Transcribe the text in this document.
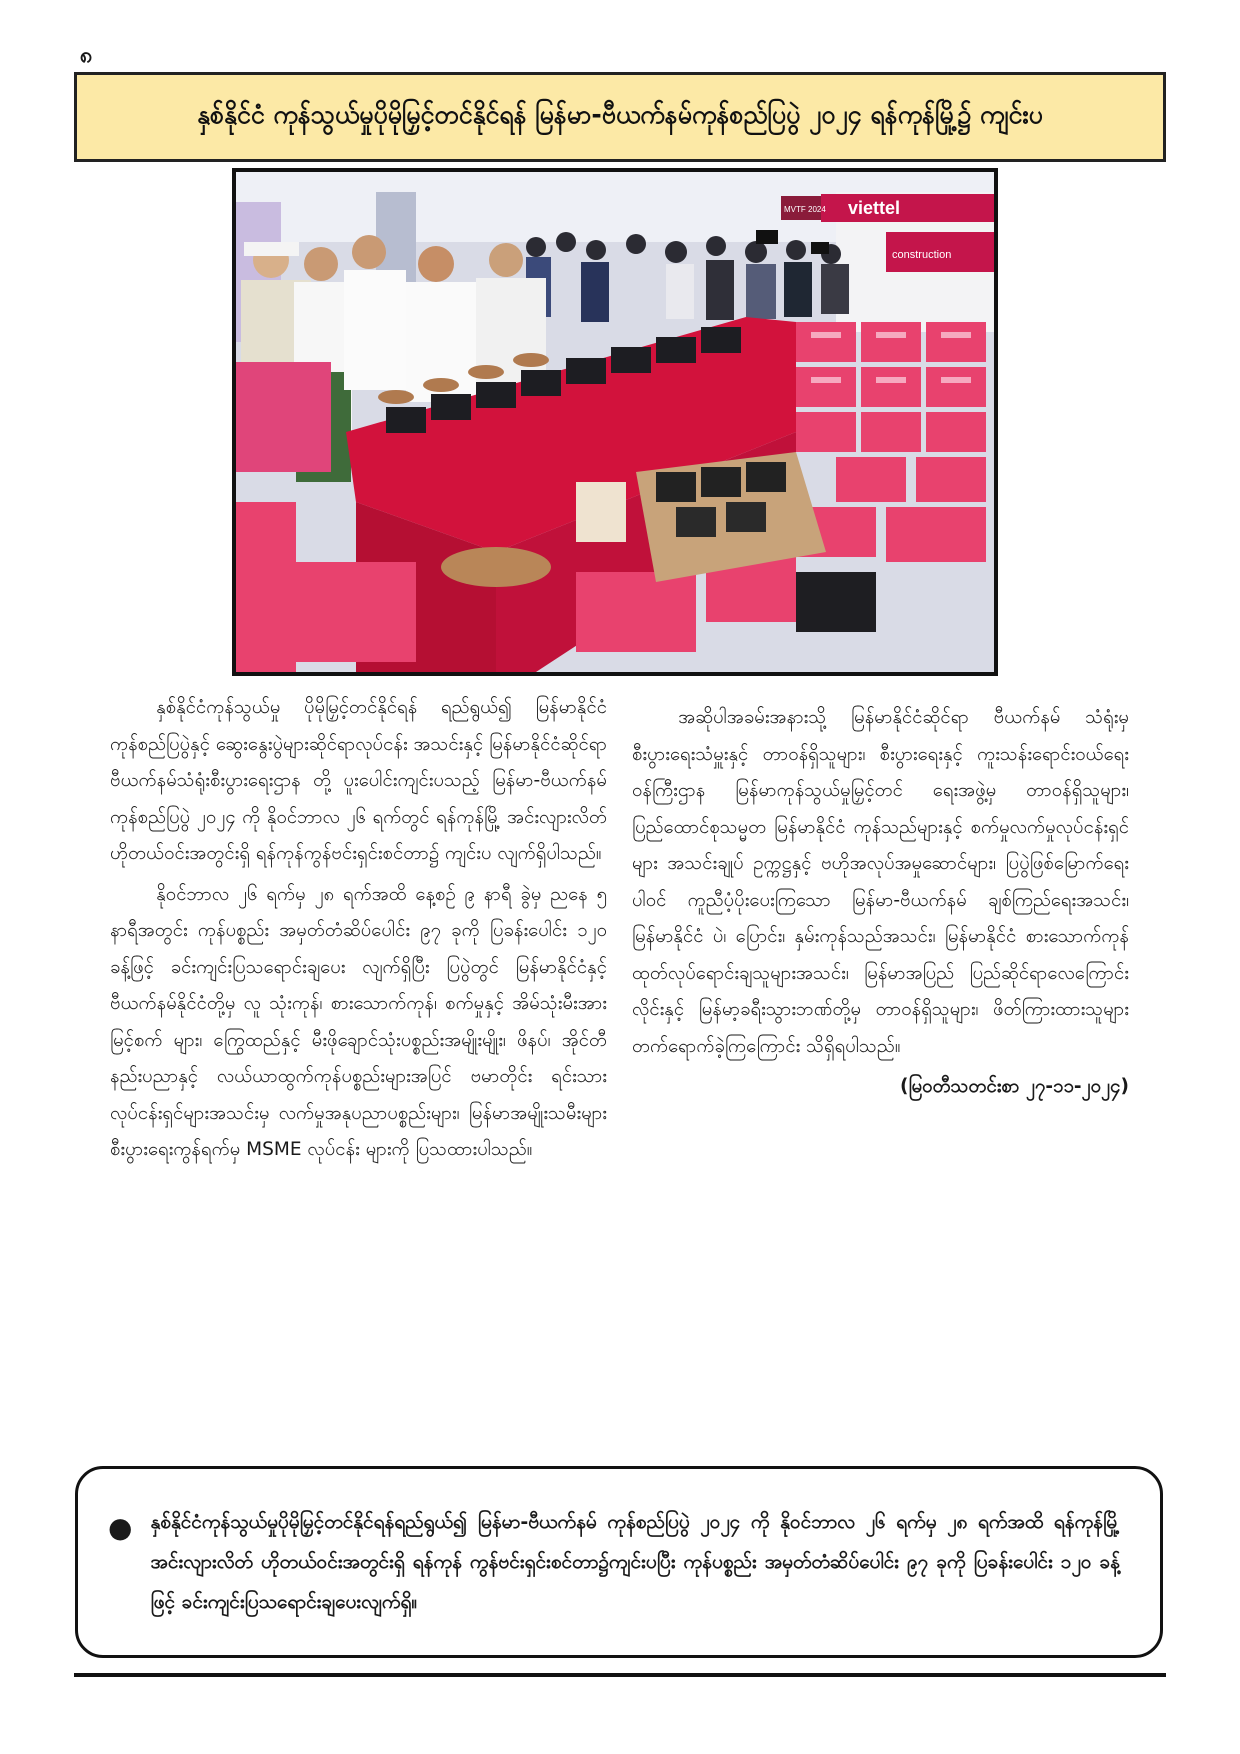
၈
နှစ်နိုင်ငံ ကုန်သွယ်မှုပိုမိုမြှင့်တင်နိုင်ရန် မြန်မာ-ဗီယက်နမ်ကုန်စည်ပြပွဲ ၂၀၂၄ ရန်ကုန်မြို့၌ ကျင်းပ
viettel
construction
MVTF 2024

နှစ်နိုင်ငံကုန်သွယ်မှု ပိုမိုမြှင့်တင်နိုင်ရန် ရည်ရွယ်၍ မြန်မာနိုင်ငံကုန်စည်ပြပွဲနှင့် ဆွေးနွေးပွဲများဆိုင်ရာလုပ်ငန်း အသင်းနှင့် မြန်မာနိုင်ငံဆိုင်ရာ ဗီယက်နမ်သံရုံးစီးပွားရေးဌာန တို့ ပူးပေါင်းကျင်းပသည့် မြန်မာ-ဗီယက်နမ် ကုန်စည်ပြပွဲ ၂၀၂၄ ကို နိုဝင်ဘာလ ၂၆ ရက်တွင် ရန်ကုန်မြို့ အင်းလျားလိတ် ဟိုတယ်ဝင်းအတွင်းရှိ ရန်ကုန်ကွန်ဗင်းရှင်းစင်တာ၌ ကျင်းပ လျက်ရှိပါသည်။

နိုဝင်ဘာလ ၂၆ ရက်မှ ၂၈ ရက်အထိ နေ့စဉ် ၉ နာရီ ခွဲမှ ညနေ ၅ နာရီအတွင်း ကုန်ပစ္စည်း အမှတ်တံဆိပ်ပေါင်း ၉၇ ခုကို ပြခန်းပေါင်း ၁၂၀ ခန့်ဖြင့် ခင်းကျင်းပြသရောင်းချပေး လျက်ရှိပြီး ပြပွဲတွင် မြန်မာနိုင်ငံနှင့် ဗီယက်နမ်နိုင်ငံတို့မှ လူ သုံးကုန်၊ စားသောက်ကုန်၊ စက်မှုနှင့် အိမ်သုံးမီးအားမြင့်စက် များ၊ ကြွေထည်နှင့် မီးဖိုချောင်သုံးပစ္စည်းအမျိုးမျိုး၊ ဖိနပ်၊ အိုင်တီ နည်းပညာနှင့် လယ်ယာထွက်ကုန်ပစ္စည်းများအပြင် ဗမာတိုင်း ရင်းသားလုပ်ငန်းရှင်များအသင်းမှ လက်မှုအနုပညာပစ္စည်းများ၊ မြန်မာအမျိုးသမီးများ စီးပွားရေးကွန်ရက်မှ MSME လုပ်ငန်း များကို ပြသထားပါသည်။

အဆိုပါအခမ်းအနားသို့ မြန်မာနိုင်ငံဆိုင်ရာ ဗီယက်နမ် သံရုံးမှ စီးပွားရေးသံမှူးနှင့် တာဝန်ရှိသူများ၊ စီးပွားရေးနှင့် ကူးသန်းရောင်းဝယ်ရေးဝန်ကြီးဌာန မြန်မာကုန်သွယ်မှုမြှင့်တင် ရေးအဖွဲ့မှ တာဝန်ရှိသူများ၊ ပြည်ထောင်စုသမ္မတ မြန်မာနိုင်ငံ ကုန်သည်များနှင့် စက်မှုလက်မှုလုပ်ငန်းရှင်များ အသင်းချုပ် ဥက္ကဋ္ဌနှင့် ဗဟိုအလုပ်အမှုဆောင်များ၊ ပြပွဲဖြစ်မြောက်ရေးပါဝင် ကူညီပံ့ပိုးပေးကြသော မြန်မာ-ဗီယက်နမ် ချစ်ကြည်ရေးအသင်း၊ မြန်မာနိုင်ငံ ပဲ၊ ပြောင်း၊ နှမ်းကုန်သည်အသင်း၊ မြန်မာနိုင်ငံ စားသောက်ကုန်ထုတ်လုပ်ရောင်းချသူများအသင်း၊ မြန်မာအပြည် ပြည်ဆိုင်ရာလေကြောင်းလိုင်းနှင့် မြန်မာ့ခရီးသွားဘဏ်တို့မှ တာဝန်ရှိသူများ၊ ဖိတ်ကြားထားသူများ တက်ရောက်ခဲ့ကြကြောင်း သိရှိရပါသည်။

(မြဝတီသတင်းစာ ၂၇-၁၁-၂၀၂၄)
● နှစ်နိုင်ငံကုန်သွယ်မှုပိုမိုမြှင့်တင်နိုင်ရန်ရည်ရွယ်၍ မြန်မာ-ဗီယက်နမ် ကုန်စည်ပြပွဲ ၂၀၂၄ ကို နိုဝင်ဘာလ ၂၆ ရက်မှ ၂၈ ရက်အထိ ရန်ကုန်မြို့ အင်းလျားလိတ် ဟိုတယ်ဝင်းအတွင်းရှိ ရန်ကုန် ကွန်ဗင်းရှင်းစင်တာ၌ကျင်းပပြီး ကုန်ပစ္စည်း အမှတ်တံဆိပ်ပေါင်း ၉၇ ခုကို ပြခန်းပေါင်း ၁၂၀ ခန့်ဖြင့် ခင်းကျင်းပြသရောင်းချပေးလျက်ရှိ။
